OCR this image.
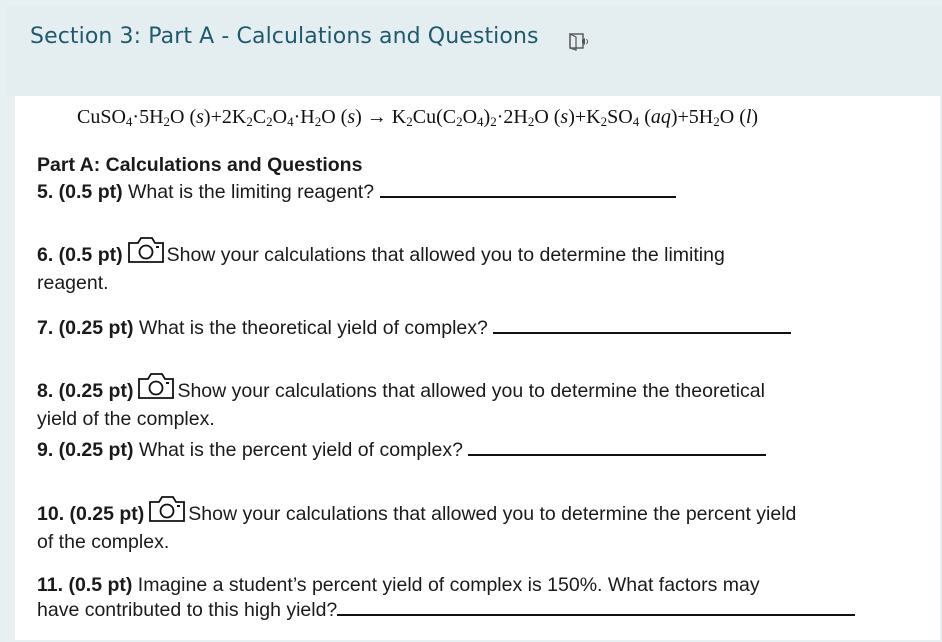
Section 3: Part A - Calculations and Questions
$CuSO_4\cdot 5H_2O$ $(s)+2K_2C_2O_4\cdot H_2O$ $(s) \to K_2Cu(C_2O_4)_2\cdot 2H_2O$ $(s)+K_2SO_4$ $(aq)+5H_2O$ (l)
Part A: Calculations and Questions
5. (0.5 pt) What is the limiting reagent?
6. (0.5 pt) Show your calculations that allowed you to determine the limiting
reagent.
7. (0.25 pt) What is the theoretical yield of complex?
8. (0.25 pt) Show your calculations that allowed you to determine the theoretical
yield of the complex.
9. (0.25 pt) What is the percent yield of complex?
10. (0.25 pt) Show your calculations that allowed you to determine the percent yield
of the complex.
11. (0.5 pt) Imagine a student’s percent yield of complex is 150%. What factors may
have contributed to this high yield?
